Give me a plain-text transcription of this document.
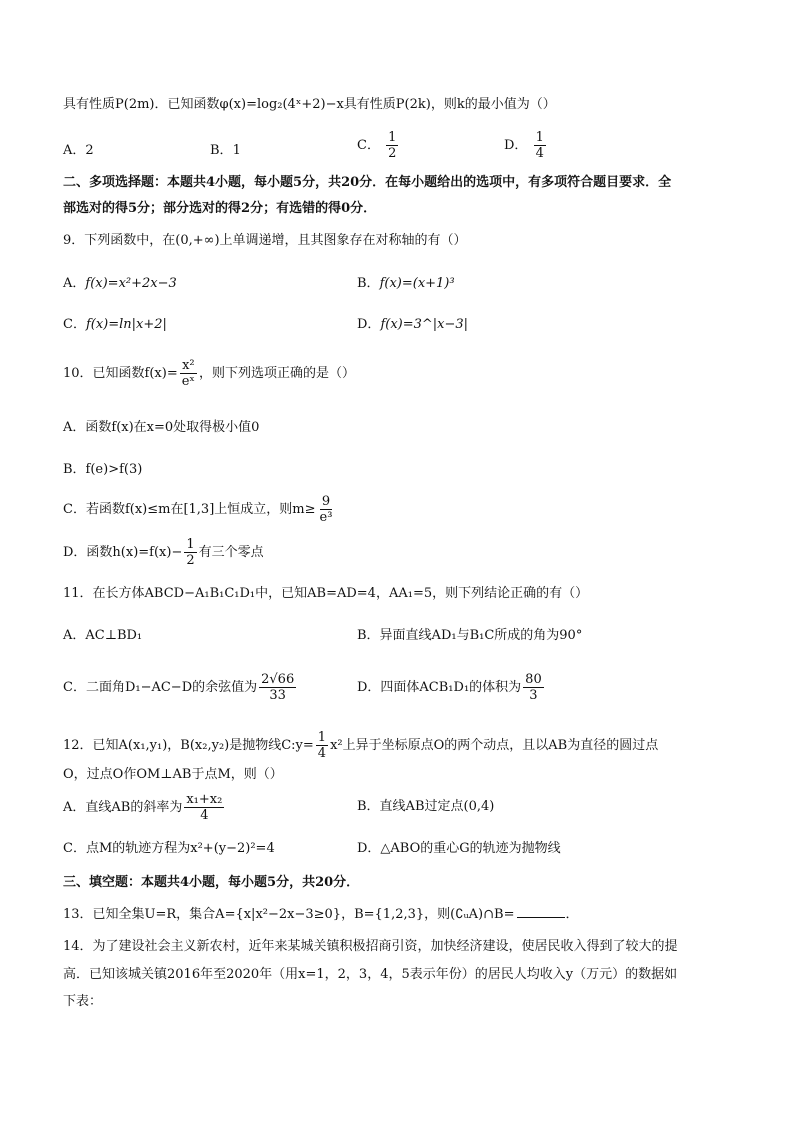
具有性质P(2m)．已知函数φ(x)=log₂(4ˣ+2)−x具有性质P(2k)，则k的最小值为（）
A．2	B．1	C． $\frac{1}{2}$	D． $\frac{1}{4}$
二、多项选择题：本题共4小题，每小题5分，共20分．在每小题给出的选项中，有多项符合题目要求．全
部选对的得5分；部分选对的得2分；有选错的得0分．
9．下列函数中，在(0,+∞)上单调递增，且其图象存在对称轴的有（）
A．f(x)=x²+2x−3	B．f(x)=(x+1)³
C．f(x)=ln|x+2|	D．f(x)=3^|x−3|
10．已知函数$f(x)= \frac{\text{x²}}{\text{eˣ}}$ ，则下列选项正确的是（）
A．函数f(x)在x=0处取得极小值0
B．f(e)>f(3)
C．若函数f(x)≤m在[1,3]上恒成立，则$m\ge \frac{9}{\text{e³}}$
D．函数$h(x)=f(x)- \frac{1}{2}$ 有三个零点
11．在长方体ABCD−A₁B₁C₁D₁中，已知AB=AD=4，AA₁=5，则下列结论正确的有（）
A．AC⊥BD₁	B．异面直线AD₁与B₁C所成的角为90°
C．二面角D₁−AC−D的余弦值为 $\frac{2√66}{33}$	D．四面体ACB₁D₁的体积为 $\frac{80}{3}$
12．已知A(x₁,y₁)，B(x₂,y₂)是抛物线C:y= $\frac{1}{4} x^2$上异于坐标原点O的两个动点，且以AB为直径的圆过点
O，过点O作OM⊥AB于点M，则（）
A．直线AB的斜率为 $\frac{\text{x₁+x₂}}{4}$	B．直线AB过定点(0,4)
C．点M的轨迹方程为x²+(y−2)²=4	D．△ABO的重心G的轨迹为抛物线
三、填空题：本题共4小题，每小题5分，共20分．
13．已知全集U=R，集合A={x|x²−2x−3≥0}，B={1,2,3}，则(∁ᵤA)∩B=	．
14．为了建设社会主义新农村，近年来某城关镇积极招商引资，加快经济建设，使居民收入得到了较大的提
高．已知该城关镇2016年至2020年（用x=1，2，3，4，5表示年份）的居民人均收入y（万元）的数据如
下表：
